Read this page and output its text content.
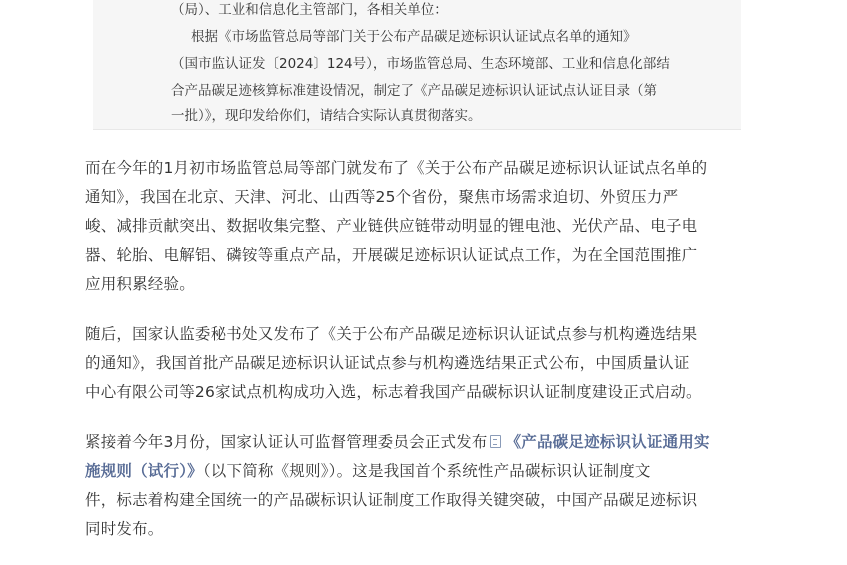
（局）、工业和信息化主管部门，各相关单位：

根据《市场监管总局等部门关于公布产品碳足迹标识认证试点名单的通知》

（国市监认证发〔2024〕124号），市场监管总局、生态环境部、工业和信息化部结

合产品碳足迹核算标准建设情况，制定了《产品碳足迹标识认证试点认证目录（第

一批）》，现印发给你们，请结合实际认真贯彻落实。

而在今年的1月初市场监管总局等部门就发布了《关于公布产品碳足迹标识认证试点名单的
通知》，我国在北京、天津、河北、山西等25个省份，聚焦市场需求迫切、外贸压力严
峻、减排贡献突出、数据收集完整、产业链供应链带动明显的锂电池、光伏产品、电子电
器、轮胎、电解铝、磷铵等重点产品，开展碳足迹标识认证试点工作，为在全国范围推广
应用积累经验。

随后，国家认监委秘书处又发布了《关于公布产品碳足迹标识认证试点参与机构遴选结果
的通知》，我国首批产品碳足迹标识认证试点参与机构遴选结果正式公布，中国质量认证
中心有限公司等26家试点机构成功入选，标志着我国产品碳标识认证制度建设正式启动。

紧接着今年3月份，国家认证认可监督管理委员会正式发布 《产品碳足迹标识认证通用实
施规则（试行）》（以下简称《规则》）。这是我国首个系统性产品碳标识认证制度文
件，标志着构建全国统一的产品碳标识认证制度工作取得关键突破，中国产品碳足迹标识
同时发布。
